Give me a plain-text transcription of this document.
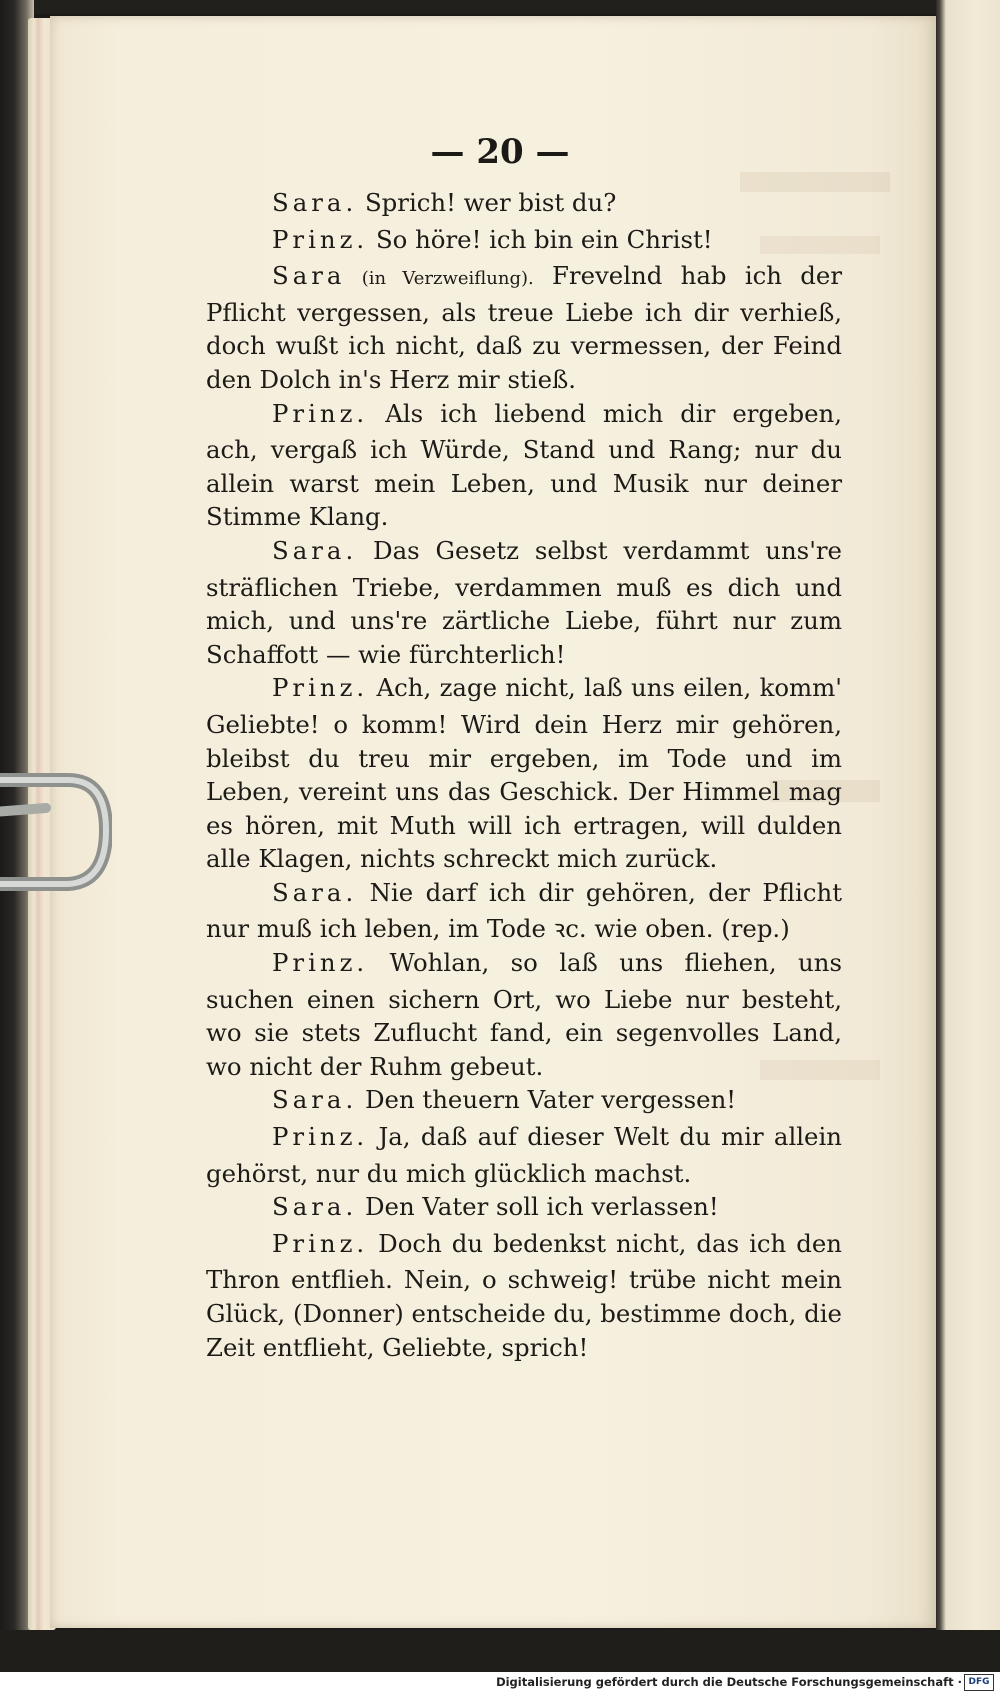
— 20 —

Sara. Sprich! wer bist du?

Prinz. So höre! ich bin ein Christ!

Sara (in Verzweiflung). Frevelnd hab ich der Pflicht vergessen, als treue Liebe ich dir verhieß, doch wußt ich nicht, daß zu vermessen, der Feind den Dolch in's Herz mir stieß.

Prinz. Als ich liebend mich dir ergeben, ach, vergaß ich Würde, Stand und Rang; nur du allein warst mein Leben, und Musik nur deiner Stimme Klang.

Sara. Das Gesetz selbst verdammt uns're sträflichen Triebe, verdammen muß es dich und mich, und uns're zärtliche Liebe, führt nur zum Schaffott — wie fürchterlich!

Prinz. Ach, zage nicht, laß uns eilen, komm' Geliebte! o komm! Wird dein Herz mir gehören, bleibst du treu mir ergeben, im Tode und im Leben, vereint uns das Geschick. Der Himmel mag es hören, mit Muth will ich ertragen, will dulden alle Klagen, nichts schreckt mich zurück.

Sara. Nie darf ich dir gehören, der Pflicht nur muß ich leben, im Tode ꝛc. wie oben. (rep.)

Prinz. Wohlan, so laß uns fliehen, uns suchen einen sichern Ort, wo Liebe nur besteht, wo sie stets Zuflucht fand, ein segenvolles Land, wo nicht der Ruhm gebeut.

Sara. Den theuern Vater vergessen!

Prinz. Ja, daß auf dieser Welt du mir allein gehörst, nur du mich glücklich machst.

Sara. Den Vater soll ich verlassen!

Prinz. Doch du bedenkst nicht, das ich den Thron entflieh. Nein, o schweig! trübe nicht mein Glück, (Donner) entscheide du, bestimme doch, die Zeit entflieht, Geliebte, sprich!

Digitalisierung gefördert durch die Deutsche Forschungsgemeinschaft · DFG
